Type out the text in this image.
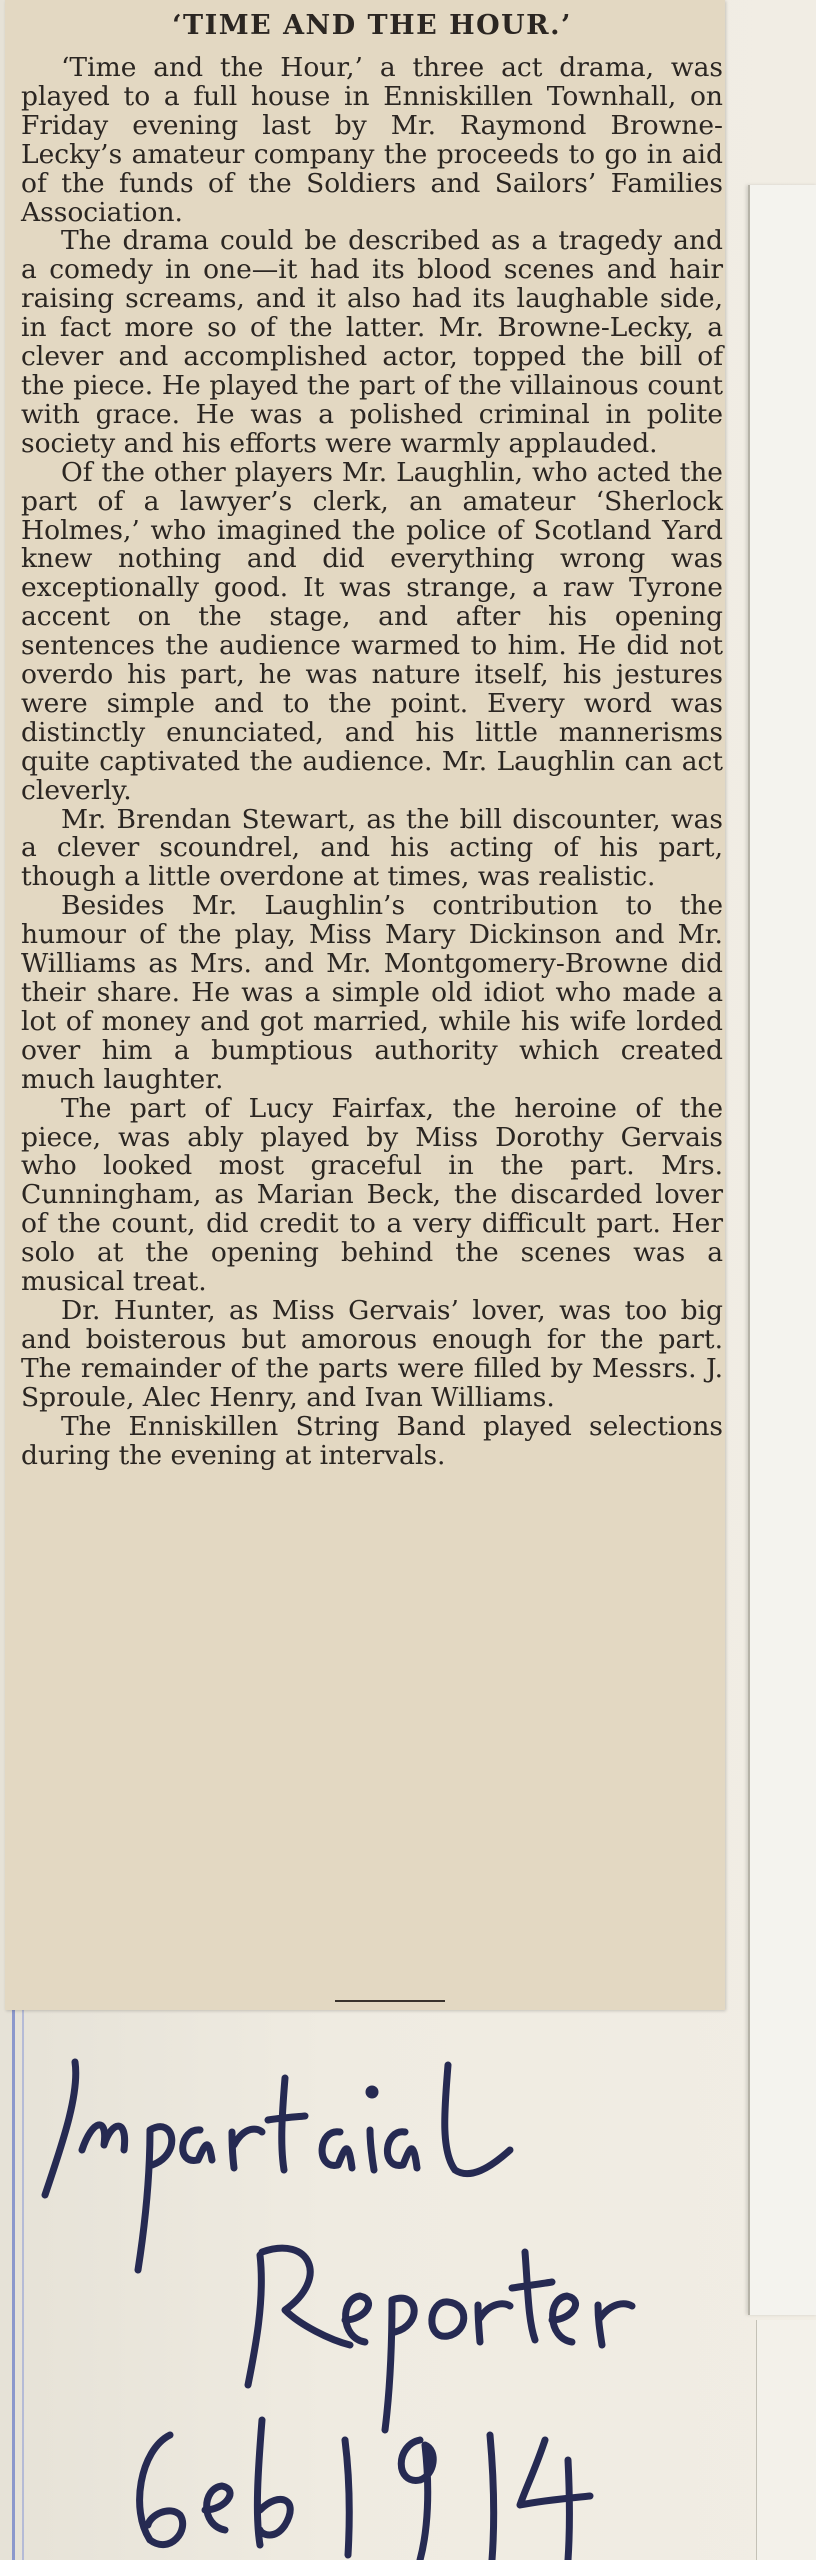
‘TIME AND THE HOUR.’

‘Time and the Hour,’ a three act drama, was played to a full house in Enniskillen Townhall, on Friday evening last by Mr. Raymond Browne-Lecky’s amateur company the proceeds to go in aid of the funds of the Soldiers and Sailors’ Families Association.

The drama could be described as a tragedy and a comedy in one—it had its blood scenes and hair raising screams, and it also had its laughable side, in fact more so of the latter. Mr. Browne-Lecky, a clever and accomplished actor, topped the bill of the piece. He played the part of the villainous count with grace. He was a polished criminal in polite society and his efforts were warmly applauded.

Of the other players Mr. Laughlin, who acted the part of a lawyer’s clerk, an amateur ‘Sherlock Holmes,’ who imagined the police of Scotland Yard knew nothing and did everything wrong was exceptionally good. It was strange, a raw Tyrone accent on the stage, and after his opening sentences the audience warmed to him. He did not overdo his part, he was nature itself, his jestures were simple and to the point. Every word was distinctly enunciated, and his little mannerisms quite captivated the audience. Mr. Laughlin can act cleverly.

Mr. Brendan Stewart, as the bill discounter, was a clever scoundrel, and his acting of his part, though a little overdone at times, was realistic.

Besides Mr. Laughlin’s contribution to the humour of the play, Miss Mary Dickinson and Mr. Williams as Mrs. and Mr. Montgomery-Browne did their share. He was a simple old idiot who made a lot of money and got married, while his wife lorded over him a bumptious authority which created much laughter.

The part of Lucy Fairfax, the heroine of the piece, was ably played by Miss Dorothy Gervais who looked most graceful in the part. Mrs. Cunningham, as Marian Beck, the discarded lover of the count, did credit to a very difficult part. Her solo at the opening behind the scenes was a musical treat.

Dr. Hunter, as Miss Gervais’ lover, was too big and boisterous but amorous enough for the part. The remainder of the parts were filled by Messrs. J. Sproule, Alec Henry, and Ivan Williams.

The Enniskillen String Band played selections during the evening at intervals.
